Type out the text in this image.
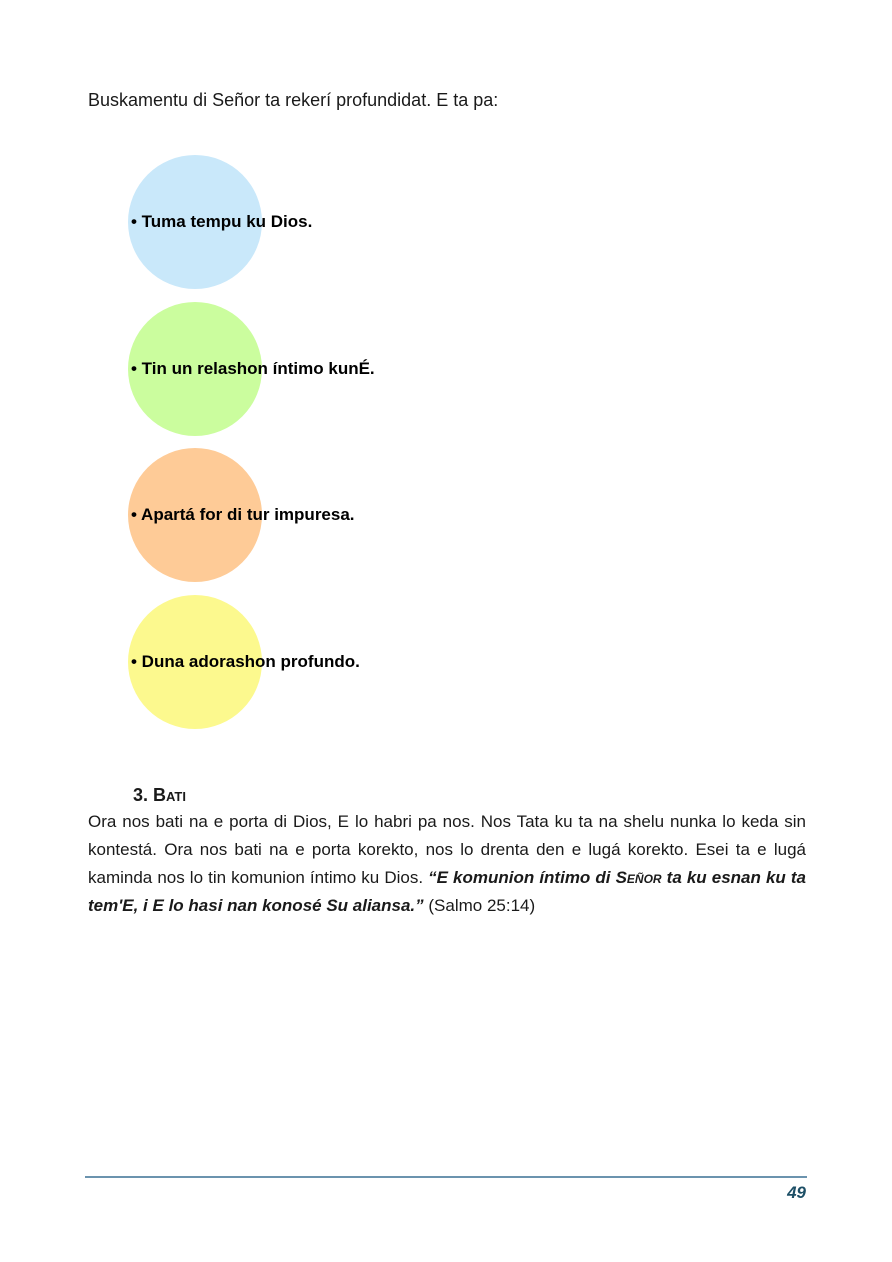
Buskamentu di Señor ta rekerí profundidat. E ta pa:

• Tuma tempu ku Dios.
• Tin un relashon íntimo kunÉ.
• Apartá for di tur impuresa.
• Duna adorashon profundo.
3. Bati

Ora nos bati na e porta di Dios, E lo habri pa nos. Nos Tata ku ta na shelu nunka lo keda sin kontestá. Ora nos bati na e porta korekto, nos lo drenta den e lugá korekto. Esei ta e lugá kaminda nos lo tin komunion íntimo ku Dios. “E komunion íntimo di Señor ta ku esnan ku ta tem'E, i E lo hasi nan konosé Su aliansa.” (Salmo 25:14)

49
